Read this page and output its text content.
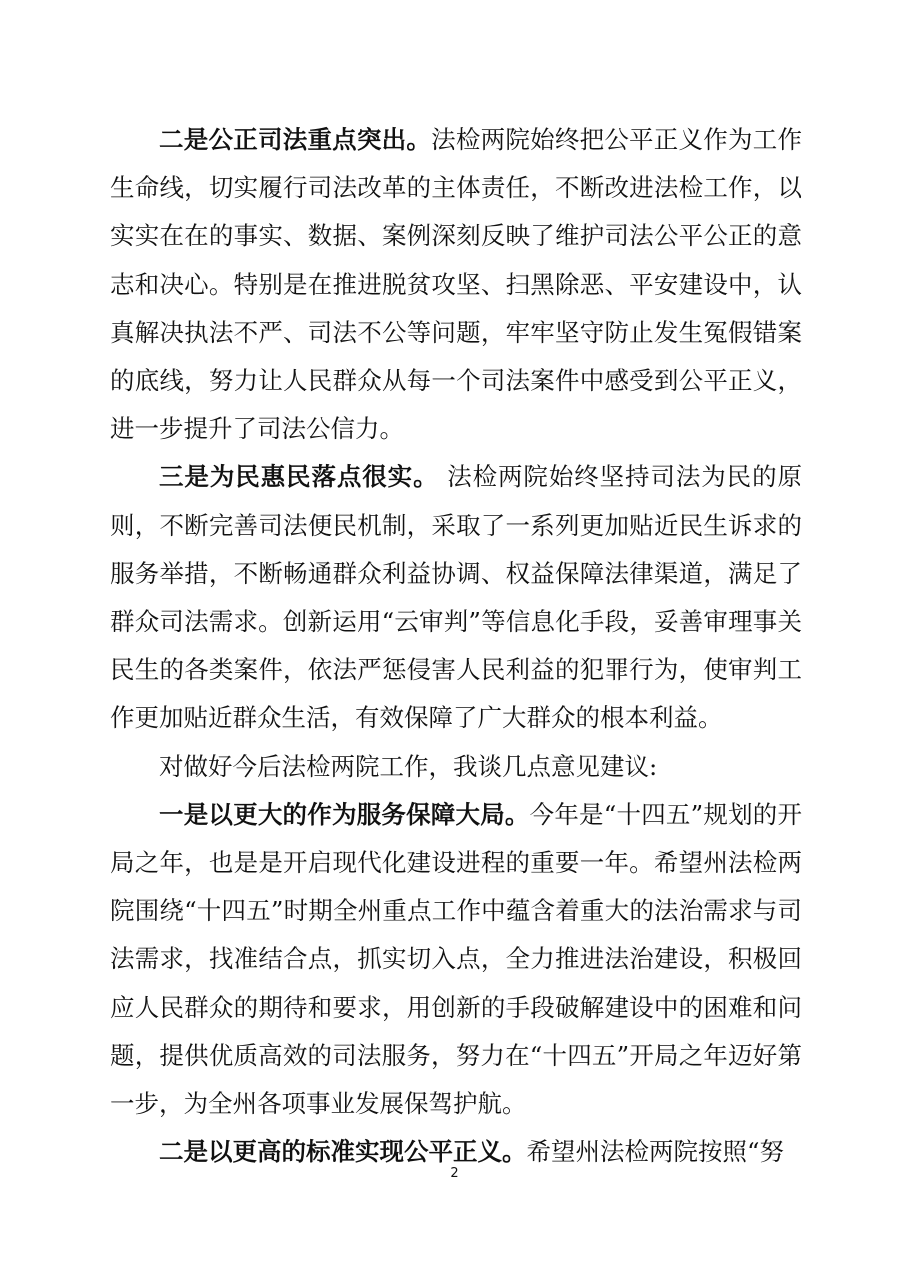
二是公正司法重点突出。法检两院始终把公平正义作为工作生命线，切实履行司法改革的主体责任，不断改进法检工作，以实实在在的事实、数据、案例深刻反映了维护司法公平公正的意志和决心。特别是在推进脱贫攻坚、扫黑除恶、平安建设中，认真解决执法不严、司法不公等问题，牢牢坚守防止发生冤假错案的底线，努力让人民群众从每一个司法案件中感受到公平正义，进一步提升了司法公信力。

三是为民惠民落点很实。 法检两院始终坚持司法为民的原则，不断完善司法便民机制，采取了一系列更加贴近民生诉求的服务举措，不断畅通群众利益协调、权益保障法律渠道，满足了群众司法需求。创新运用“云审判”等信息化手段，妥善审理事关民生的各类案件，依法严惩侵害人民利益的犯罪行为，使审判工作更加贴近群众生活，有效保障了广大群众的根本利益。

对做好今后法检两院工作，我谈几点意见建议:

一是以更大的作为服务保障大局。今年是“十四五”规划的开局之年，也是是开启现代化建设进程的重要一年。希望州法检两院围绕“十四五”时期全州重点工作中蕴含着重大的法治需求与司法需求，找准结合点，抓实切入点，全力推进法治建设，积极回应人民群众的期待和要求，用创新的手段破解建设中的困难和问题，提供优质高效的司法服务，努力在“十四五”开局之年迈好第一步，为全州各项事业发展保驾护航。

二是以更高的标准实现公平正义。希望州法检两院按照“努

2
